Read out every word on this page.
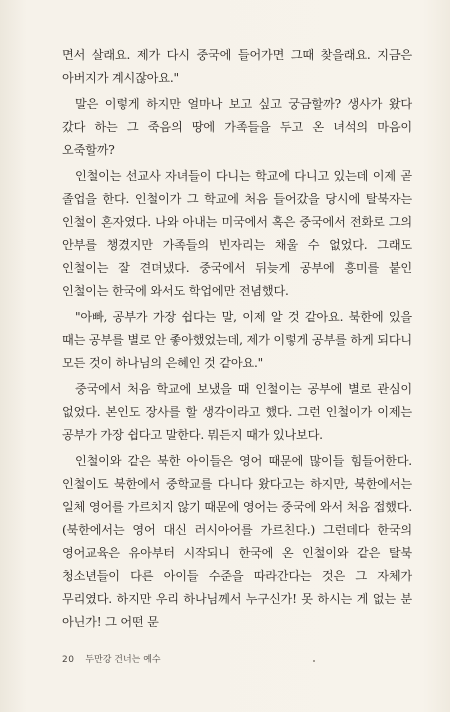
면서 살래요. 제가 다시 중국에 들어가면 그때 찾을래요. 지금은 아버지가 계시잖아요."

말은 이렇게 하지만 얼마나 보고 싶고 궁금할까? 생사가 왔다 갔다 하는 그 죽음의 땅에 가족들을 두고 온 녀석의 마음이 오죽할까?

인철이는 선교사 자녀들이 다니는 학교에 다니고 있는데 이제 곧 졸업을 한다. 인철이가 그 학교에 처음 들어갔을 당시에 탈북자는 인철이 혼자였다. 나와 아내는 미국에서 혹은 중국에서 전화로 그의 안부를 챙겼지만 가족들의 빈자리는 채울 수 없었다. 그래도 인철이는 잘 견뎌냈다. 중국에서 뒤늦게 공부에 흥미를 붙인 인철이는 한국에 와서도 학업에만 전념했다.

"아빠, 공부가 가장 쉽다는 말, 이제 알 것 같아요. 북한에 있을 때는 공부를 별로 안 좋아했었는데, 제가 이렇게 공부를 하게 되다니 모든 것이 하나님의 은혜인 것 같아요."

중국에서 처음 학교에 보냈을 때 인철이는 공부에 별로 관심이 없었다. 본인도 장사를 할 생각이라고 했다. 그런 인철이가 이제는 공부가 가장 쉽다고 말한다. 뭐든지 때가 있나보다.

인철이와 같은 북한 아이들은 영어 때문에 많이들 힘들어한다. 인철이도 북한에서 중학교를 다니다 왔다고는 하지만, 북한에서는 일체 영어를 가르치지 않기 때문에 영어는 중국에 와서 처음 접했다. (북한에서는 영어 대신 러시아어를 가르친다.) 그런데다 한국의 영어교육은 유아부터 시작되니 한국에 온 인철이와 같은 탈북 청소년들이 다른 아이들 수준을 따라간다는 것은 그 자체가 무리였다. 하지만 우리 하나님께서 누구신가! 못 하시는 게 없는 분 아닌가! 그 어떤 문

20 두만강 건너는 예수
